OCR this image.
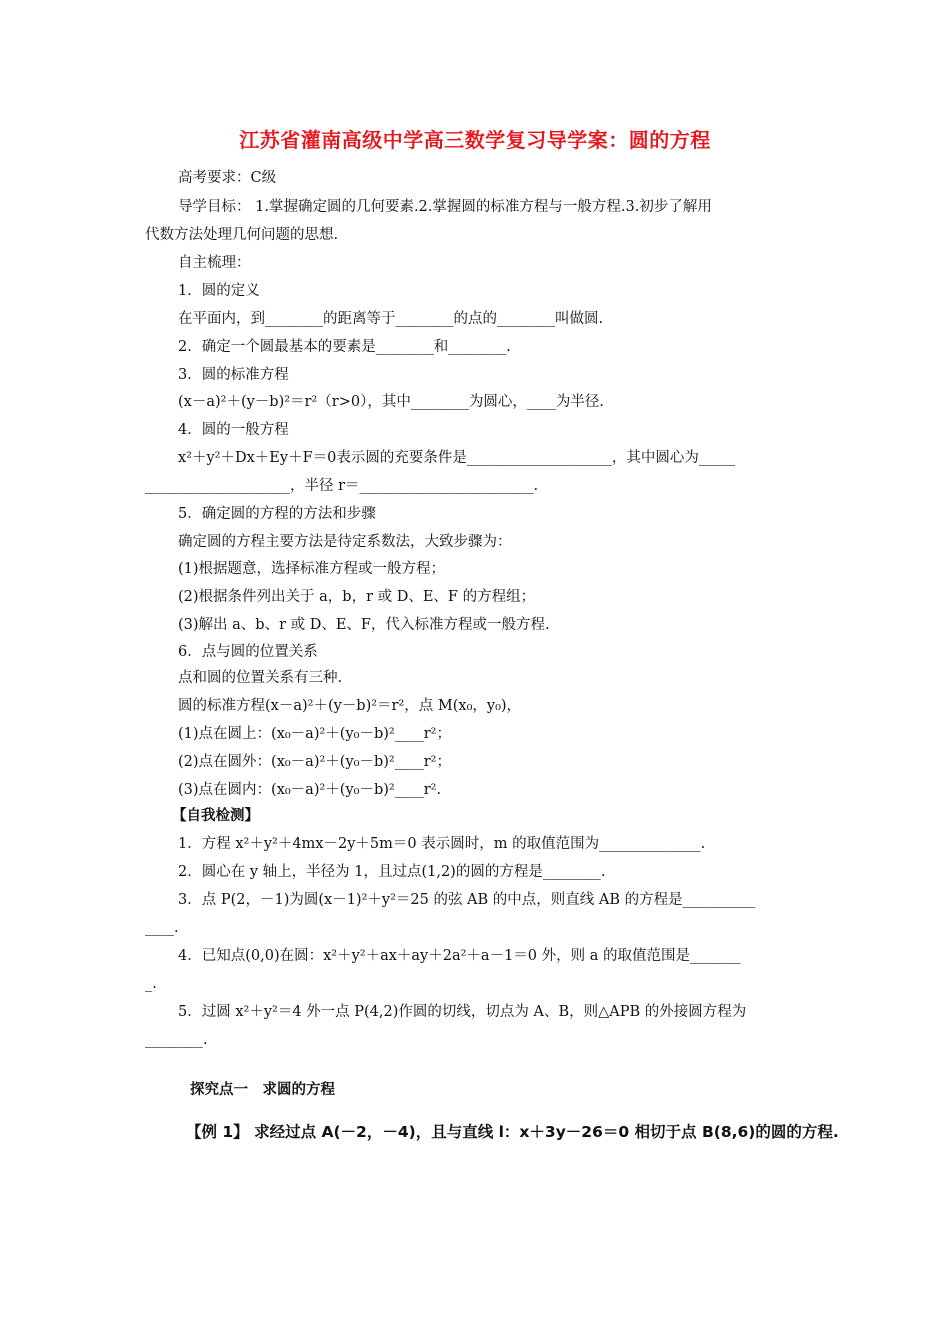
江苏省灌南高级中学高三数学复习导学案：圆的方程
高考要求：C级
导学目标： 1.掌握确定圆的几何要素.2.掌握圆的标准方程与一般方程.3.初步了解用
代数方法处理几何问题的思想.
自主梳理：
1．圆的定义
在平面内，到________的距离等于________的点的________叫做圆.
2．确定一个圆最基本的要素是________和________.
3．圆的标准方程
(x－a)²＋(y－b)²＝r²（r>0），其中________为圆心，____为半径.
4．圆的一般方程
x²＋y²＋Dx＋Ey＋F＝0表示圆的充要条件是____________________，其中圆心为_____
____________________，半径 r＝________________________.
5．确定圆的方程的方法和步骤
确定圆的方程主要方法是待定系数法，大致步骤为：
(1)根据题意，选择标准方程或一般方程；
(2)根据条件列出关于 a，b，r 或 D、E、F 的方程组；
(3)解出 a、b、r 或 D、E、F，代入标准方程或一般方程.
6．点与圆的位置关系
点和圆的位置关系有三种.
圆的标准方程(x－a)²＋(y－b)²＝r²，点 M(x₀，y₀)，
(1)点在圆上：(x₀－a)²＋(y₀－b)²____r²；
(2)点在圆外：(x₀－a)²＋(y₀－b)²____r²；
(3)点在圆内：(x₀－a)²＋(y₀－b)²____r².
【自我检测】
1．方程 x²＋y²＋4mx－2y＋5m＝0 表示圆时，m 的取值范围为______________.
2．圆心在 y 轴上，半径为 1，且过点(1,2)的圆的方程是________.
3．点 P(2，－1)为圆(x－1)²＋y²＝25 的弦 AB 的中点，则直线 AB 的方程是__________
____.
4．已知点(0,0)在圆：x²＋y²＋ax＋ay＋2a²＋a－1＝0 外，则 a 的取值范围是_______
_.
5．过圆 x²＋y²＝4 外一点 P(4,2)作圆的切线，切点为 A、B，则△APB 的外接圆方程为
________.
探究点一　求圆的方程
【例 1】 求经过点 A(－2，－4)，且与直线 l：x＋3y－26＝0 相切于点 B(8,6)的圆的方程.
